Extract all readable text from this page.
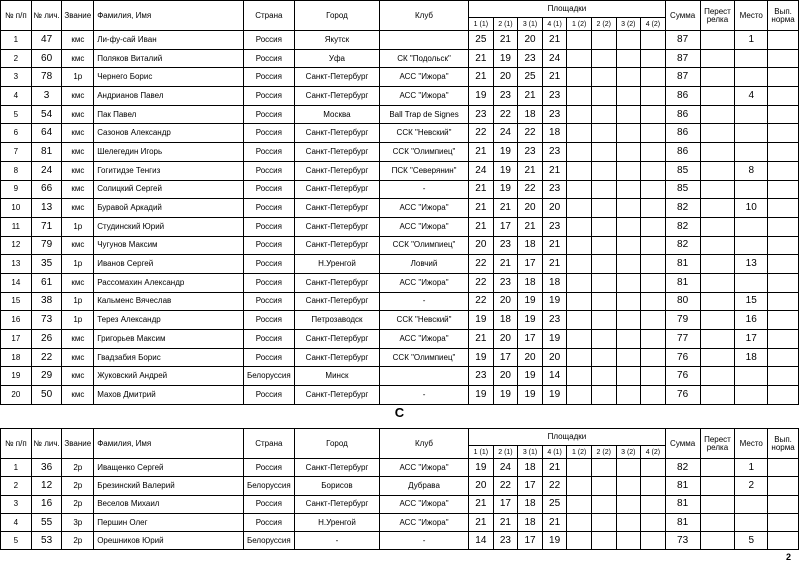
№ п/п	№ лич.	Звание	Фамилия, Имя	Страна	Город	Клуб	Площадки								Сумма	Перест релка	Место	Вып. норма
							1 (1)	2 (1)	3 (1)	4 (1)	1 (2)	2 (2)	3 (2)	4 (2)				
1	47	кмс	Ли-фу-сай Иван	Россия	Якутск		25	21	20	21					87		1	
2	60	кмс	Поляков Виталий	Россия	Уфа	СК "Подольск"	21	19	23	24					87			
3	78	1р	Чернего Борис	Россия	Санкт-Петербург	АСС "Ижора"	21	20	25	21					87			
4	3	кмс	Андрианов Павел	Россия	Санкт-Петербург	АСС "Ижора"	19	23	21	23					86		4	
5	54	кмс	Пак Павел	Россия	Москва	Ball Trap de Signes	23	22	18	23					86			
6	64	кмс	Сазонов Александр	Россия	Санкт-Петербург	ССК "Невский"	22	24	22	18					86			
7	81	кмс	Шелегедин Игорь	Россия	Санкт-Петербург	ССК "Олимпиец"	21	19	23	23					86			
8	24	кмс	Гогитидзе Тенгиз	Россия	Санкт-Петербург	ПСК "Северянин"	24	19	21	21					85		8	
9	66	кмс	Солицкий Сергей	Россия	Санкт-Петербург	-	21	19	22	23					85			
10	13	кмс	Буравой Аркадий	Россия	Санкт-Петербург	АСС "Ижора"	21	21	20	20					82		10	
11	71	1р	Студинский Юрий	Россия	Санкт-Петербург	АСС "Ижора"	21	17	21	23					82			
12	79	кмс	Чугунов Максим	Россия	Санкт-Петербург	ССК "Олимпиец"	20	23	18	21					82			
13	35	1р	Иванов Сергей	Россия	Н.Уренгой	Ловчий	22	21	17	21					81		13	
14	61	кмс	Рассомахин Александр	Россия	Санкт-Петербург	АСС "Ижора"	22	23	18	18					81			
15	38	1р	Кальменс Вячеслав	Россия	Санкт-Петербург	-	22	20	19	19					80		15	
16	73	1р	Терез Александр	Россия	Петрозаводск	ССК "Невский"	19	18	19	23					79		16	
17	26	кмс	Григорьев Максим	Россия	Санкт-Петербург	АСС "Ижора"	21	20	17	19					77		17	
18	22	кмс	Гвадзабия Борис	Россия	Санкт-Петербург	ССК "Олимпиец"	19	17	20	20					76		18	
19	29	кмс	Жуковский Андрей	Белоруссия	Минск		23	20	19	14					76			
20	50	кмс	Махов Дмитрий	Россия	Санкт-Петербург	-	19	19	19	19					76			
С
№ п/п	№ лич.	Звание	Фамилия, Имя	Страна	Город	Клуб	Площадки								Сумма	Перест релка	Место	Вып. норма
							1 (1)	2 (1)	3 (1)	4 (1)	1 (2)	2 (2)	3 (2)	4 (2)				
1	36	2р	Иващенко Сергей	Россия	Санкт-Петербург	АСС "Ижора"	19	24	18	21					82		1	
2	12	2р	Брезинский Валерий	Белоруссия	Борисов	Дубрава	20	22	17	22					81		2	
3	16	2р	Веселов Михаил	Россия	Санкт-Петербург	АСС "Ижора"	21	17	18	25					81			
4	55	3р	Першин Олег	Россия	Н.Уренгой	АСС "Ижора"	21	21	18	21					81			
5	53	2р	Орешников Юрий	Белоруссия	-	-	14	23	17	19					73		5	
2
